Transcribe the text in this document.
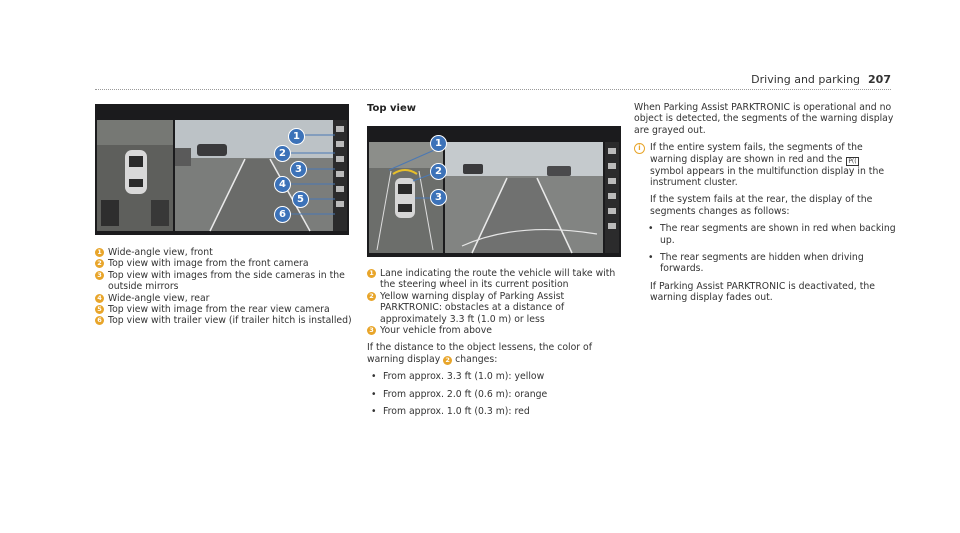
Driving and parking 207
1
2
3
4
5
6

1 Wide-angle view, front

2 Top view with image from the front camera

3 Top view with images from the side cameras in the outside mirrors

4 Wide-angle view, rear

5 Top view with image from the rear view camera

6 Top view with trailer view (if trailer hitch is installed)

Top view
1
2
3

1 Lane indicating the route the vehicle will take with the steering wheel in its current position

2 Yellow warning display of Parking Assist PARKTRONIC: obstacles at a distance of approximately 3.3 ft (1.0 m) or less

3 Your vehicle from above

If the distance to the object lessens, the color of warning display 2 changes:

• From approx. 3.3 ft (1.0 m): yellow

• From approx. 2.0 ft (0.6 m): orange

• From approx. 1.0 ft (0.3 m): red

When Parking Assist PARKTRONIC is operational and no object is detected, the segments of the warning display are grayed out.

i If the entire system fails, the segments of the warning display are shown in red and the P(( symbol appears in the multifunction display in the instrument cluster.

If the system fails at the rear, the display of the segments changes as follows:

• The rear segments are shown in red when backing up.

• The rear segments are hidden when driving forwards.

If Parking Assist PARKTRONIC is deactivated, the warning display fades out.
